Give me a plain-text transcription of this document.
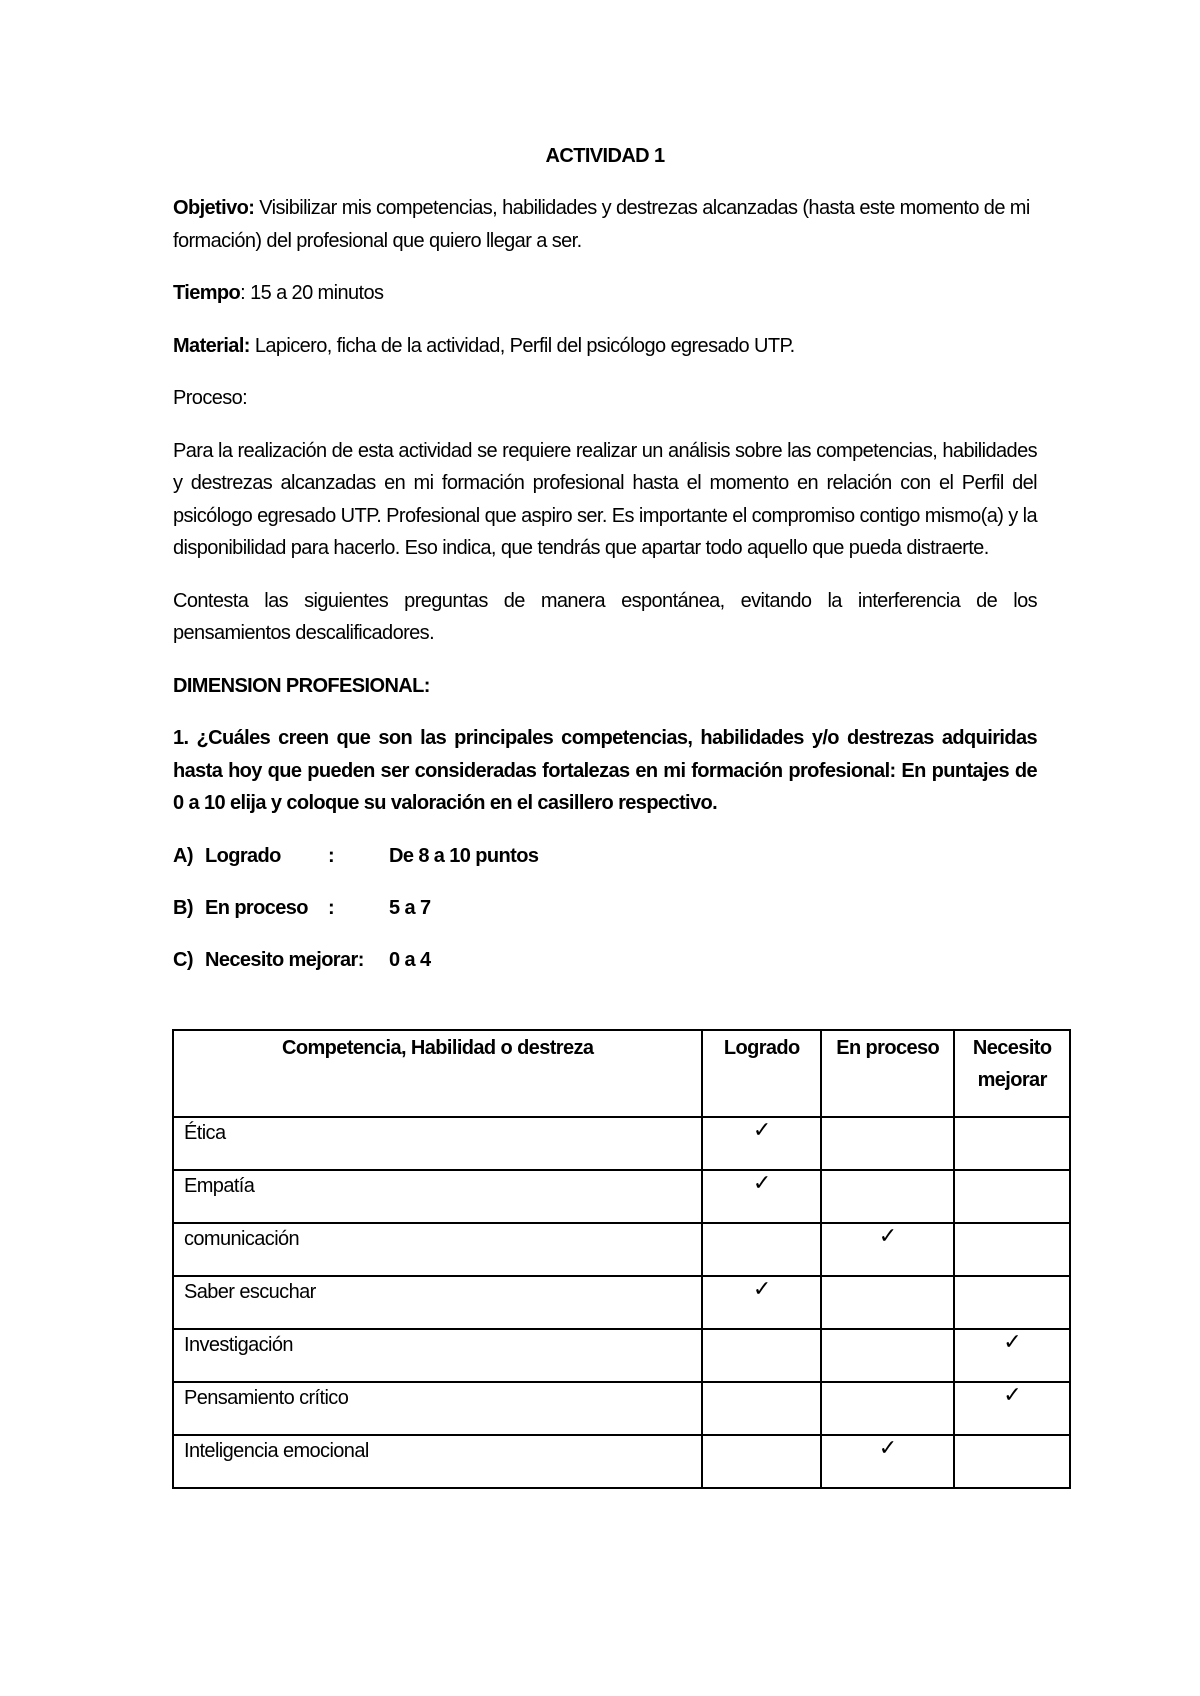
ACTIVIDAD 1

Objetivo: Visibilizar mis competencias, habilidades y destrezas alcanzadas (hasta este momento de mi formación) del profesional que quiero llegar a ser.

Tiempo: 15 a 20 minutos

Material: Lapicero, ficha de la actividad, Perfil del psicólogo egresado UTP.

Proceso:

Para la realización de esta actividad se requiere realizar un análisis sobre las competencias, habilidades y destrezas alcanzadas en mi formación profesional hasta el momento en relación con el Perfil del psicólogo egresado UTP. Profesional que aspiro ser. Es importante el compromiso contigo mismo(a) y la disponibilidad para hacerlo. Eso indica, que tendrás que apartar todo aquello que pueda distraerte.

Contesta las siguientes preguntas de manera espontánea, evitando la interferencia de los pensamientos descalificadores.

DIMENSION PROFESIONAL:

1. ¿Cuáles creen que son las principales competencias, habilidades y/o destrezas adquiridas hasta hoy que pueden ser consideradas fortalezas en mi formación profesional: En puntajes de 0 a 10 elija y coloque su valoración en el casillero respectivo.

A) Logrado :	De 8 a 10 puntos
B) En proceso :	5 a 7
C) Necesito mejorar: 0 a 4
Competencia, Habilidad o destreza	Logrado	En proceso	Necesito mejorar
Ética	✓		
Empatía	✓		
comunicación		✓	
Saber escuchar	✓		
Investigación			✓
Pensamiento crítico			✓
Inteligencia emocional		✓	
